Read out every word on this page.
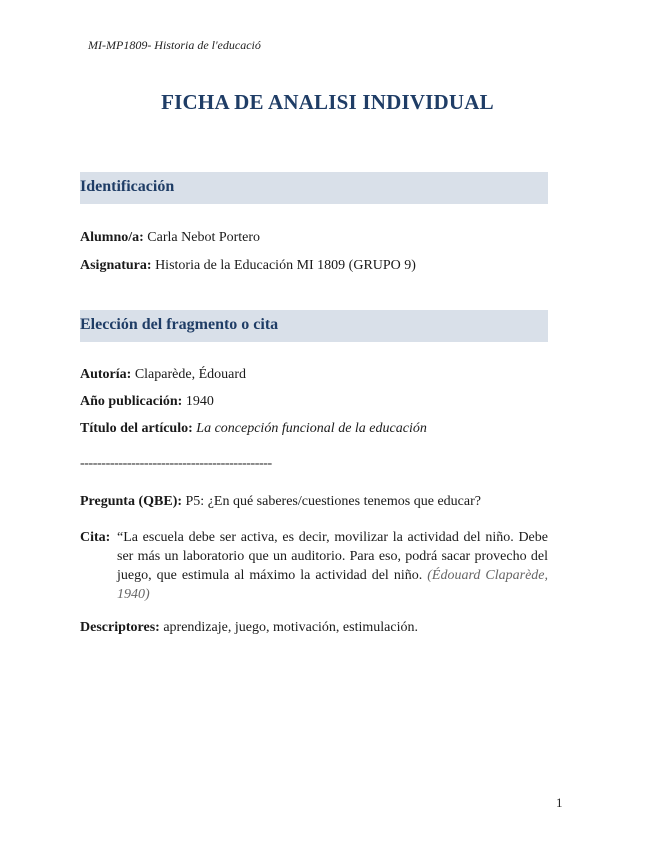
MI-MP1809- Historia de l'educació
FICHA DE ANALISI INDIVIDUAL
Identificación
Alumno/a: Carla Nebot Portero
Asignatura: Historia de la Educación MI 1809 (GRUPO 9)
Elección del fragmento o cita
Autoría: Claparède, Édouard
Año publicación: 1940
Título del artículo: La concepción funcional de la educación
---------------------------------------------
Pregunta (QBE): P5: ¿En qué saberes/cuestiones tenemos que educar?
Cita: “La escuela debe ser activa, es decir, movilizar la actividad del niño. Debe ser más un laboratorio que un auditorio. Para eso, podrá sacar provecho del juego, que estimula al máximo la actividad del niño. (Édouard Claparède, 1940)
Descriptores: aprendizaje, juego, motivación, estimulación.
1
